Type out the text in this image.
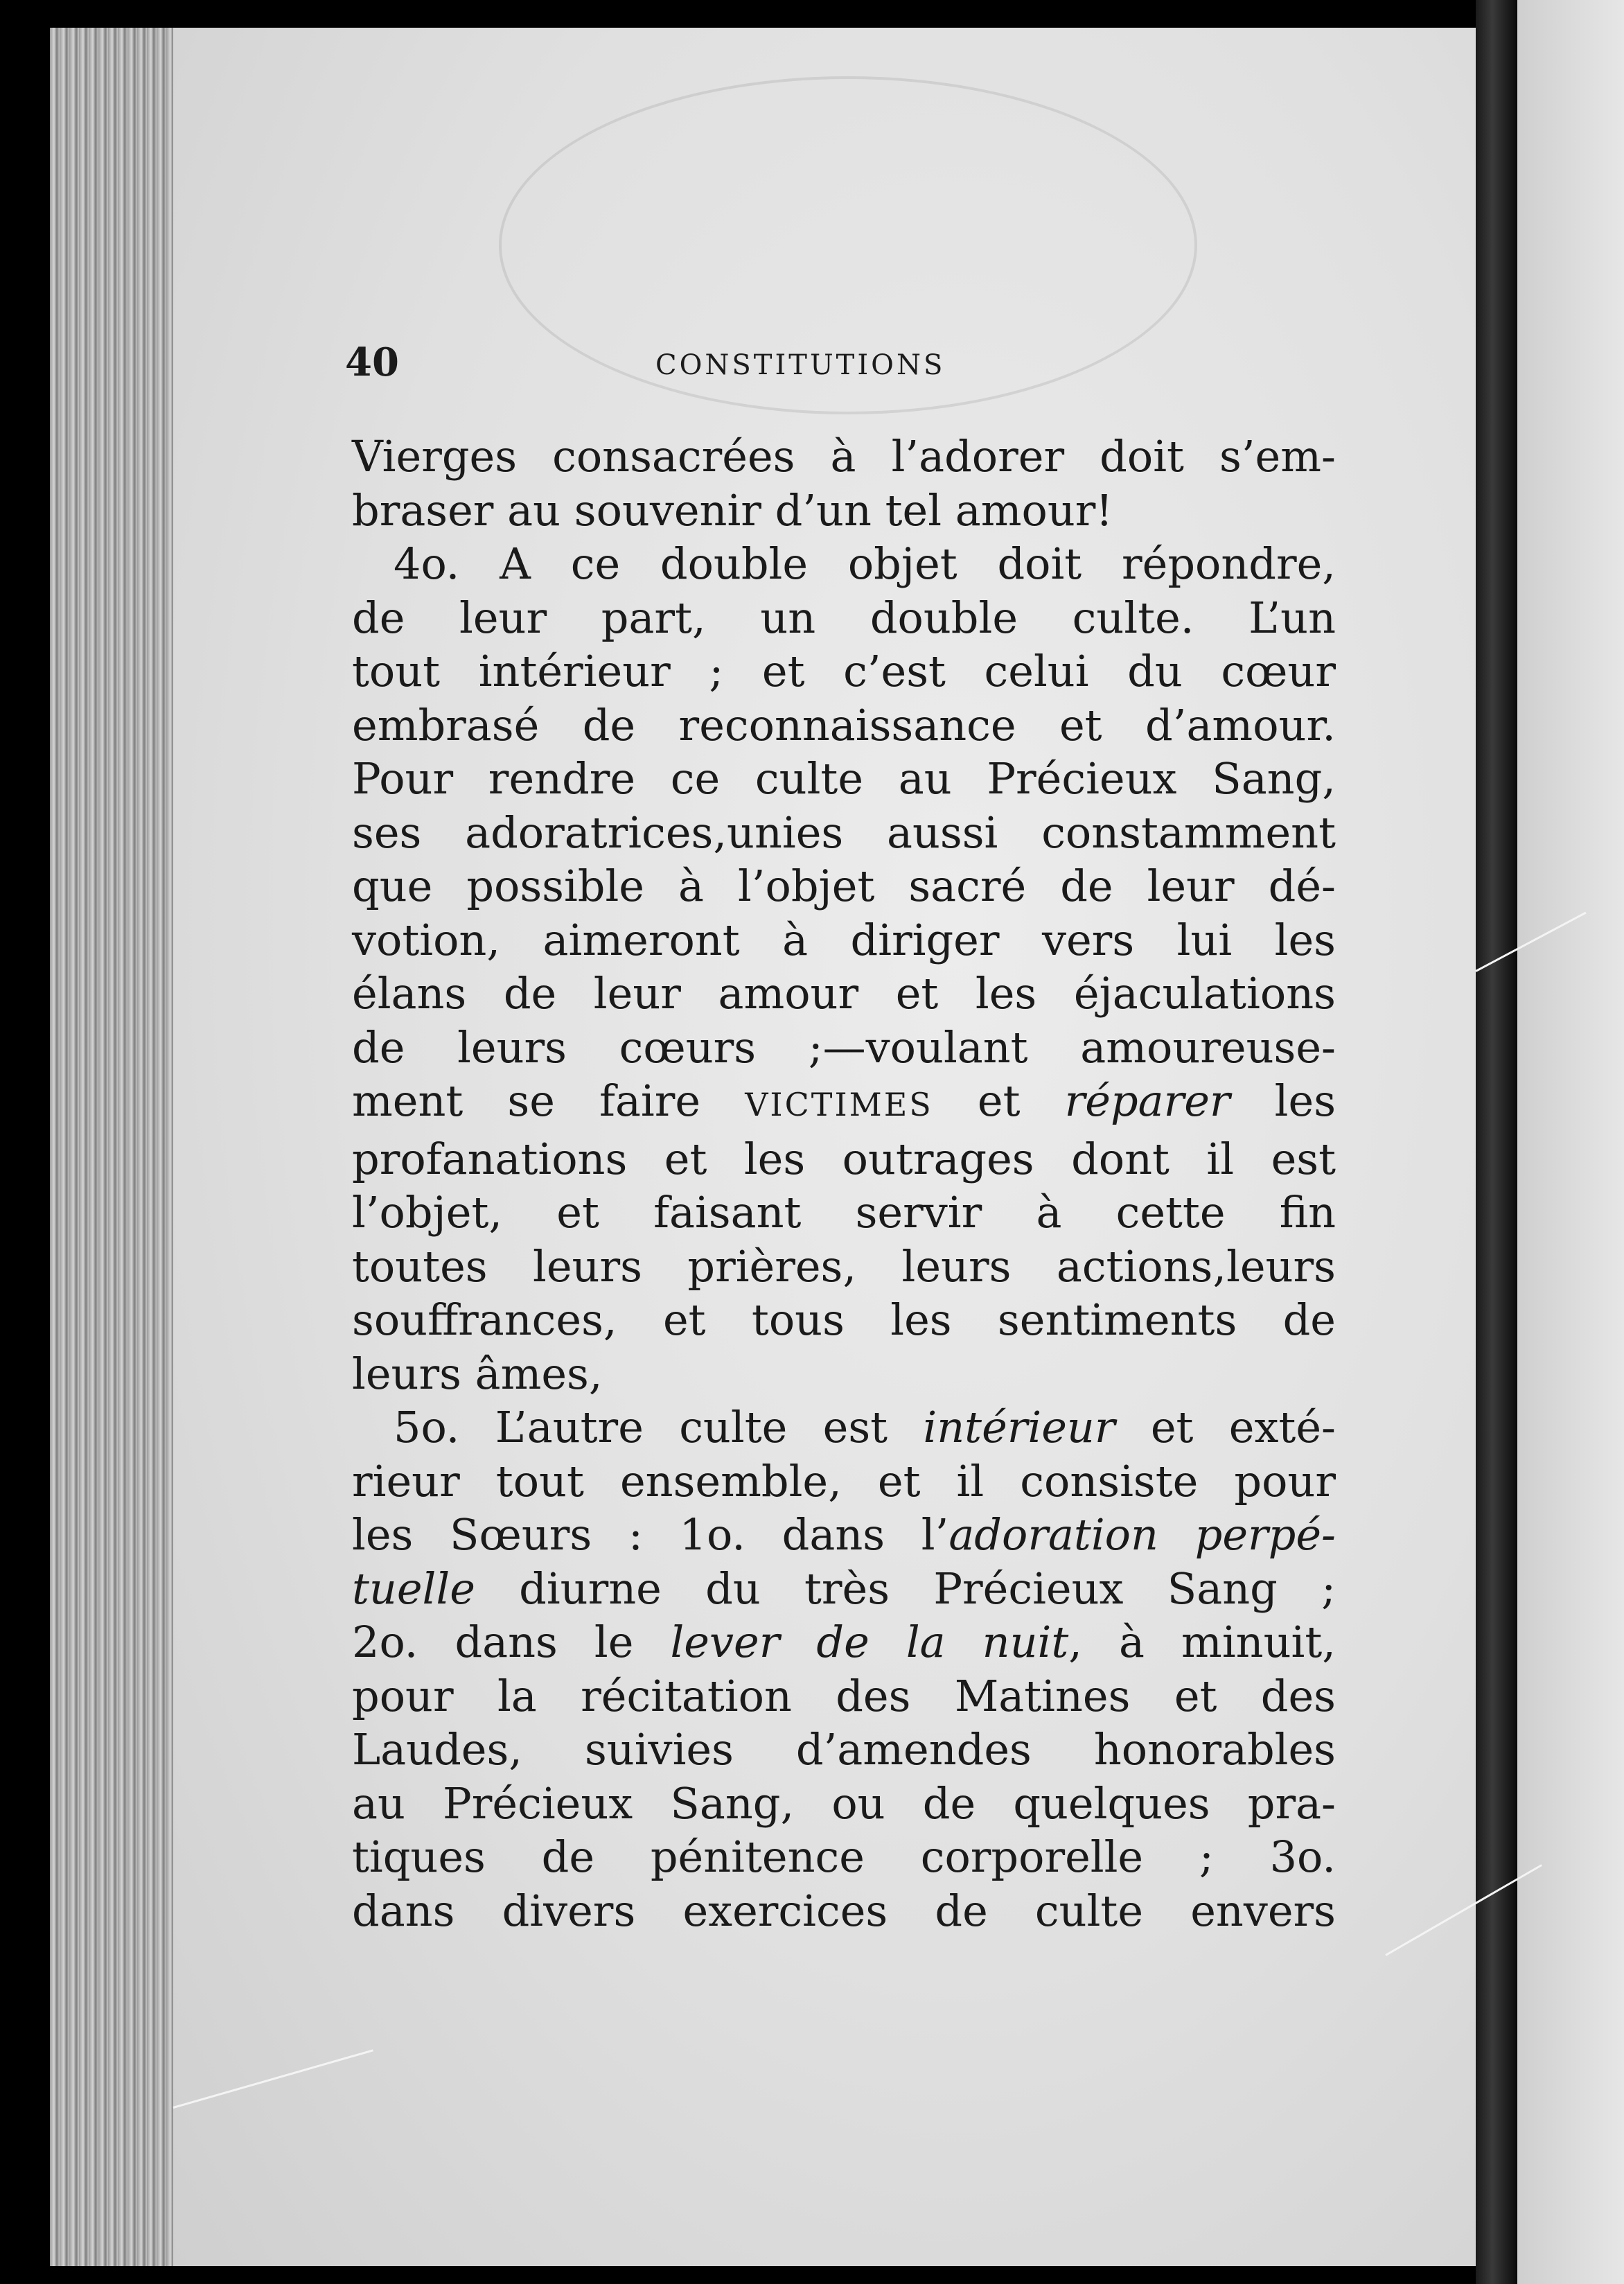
40	CONSTITUTIONS
Vierges consacrées à l’adorer doit s’em-
braser au souvenir d’un tel amour!
4o. A ce double objet doit répondre,
de leur part, un double culte. L’un
tout intérieur ; et c’est celui du cœur
embrasé de reconnaissance et d’amour.
Pour rendre ce culte au Précieux Sang,
ses adoratrices,unies aussi constamment
que possible à l’objet sacré de leur dé-
votion, aimeront à diriger vers lui les
élans de leur amour et les éjaculations
de leurs cœurs ;—voulant amoureuse-
ment se faire VICTIMES et réparer les
profanations et les outrages dont il est
l’objet, et faisant servir à cette fin
toutes leurs prières, leurs actions,leurs
souffrances, et tous les sentiments de
leurs âmes,
5o. L’autre culte est intérieur et exté-
rieur tout ensemble, et il consiste pour
les Sœurs : 1o. dans l’adoration perpé-
tuelle diurne du très Précieux Sang ;
2o. dans le lever de la nuit, à minuit,
pour la récitation des Matines et des
Laudes, suivies d’amendes honorables
au Précieux Sang, ou de quelques pra-
tiques de pénitence corporelle ; 3o.
dans divers exercices de culte envers
